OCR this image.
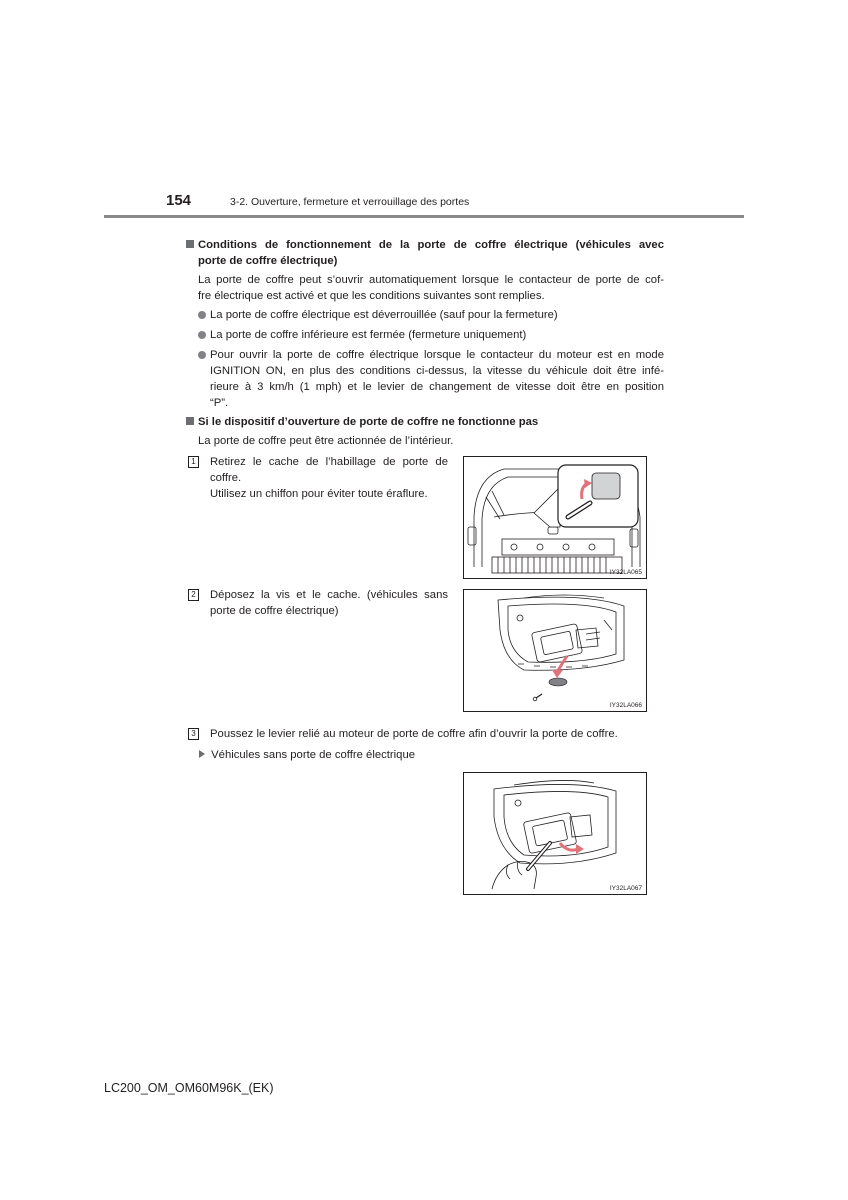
154	3-2. Ouverture, fermeture et verrouillage des portes
Conditions de fonctionnement de la porte de coffre électrique (véhicules avec
porte de coffre électrique)
La porte de coffre peut s’ouvrir automatiquement lorsque le contacteur de porte de cof-
fre électrique est activé et que les conditions suivantes sont remplies.
La porte de coffre électrique est déverrouillée (sauf pour la fermeture)
La porte de coffre inférieure est fermée (fermeture uniquement)
Pour ouvrir la porte de coffre électrique lorsque le contacteur du moteur est en mode
IGNITION ON, en plus des conditions ci-dessus, la vitesse du véhicule doit être infé-
rieure à 3 km/h (1 mph) et le levier de changement de vitesse doit être en position
“P”.
Si le dispositif d’ouverture de porte de coffre ne fonctionne pas
La porte de coffre peut être actionnée de l’intérieur.
1 Retirez le cache de l’habillage de porte de
coffre.
Utilisez un chiffon pour éviter toute éraflure.
IY32LA065
2 Déposez la vis et le cache. (véhicules sans
porte de coffre électrique)
IY32LA066
3 Poussez le levier relié au moteur de porte de coffre afin d’ouvrir la porte de coffre.
Véhicules sans porte de coffre électrique
IY32LA067
LC200_OM_OM60M96K_(EK)
